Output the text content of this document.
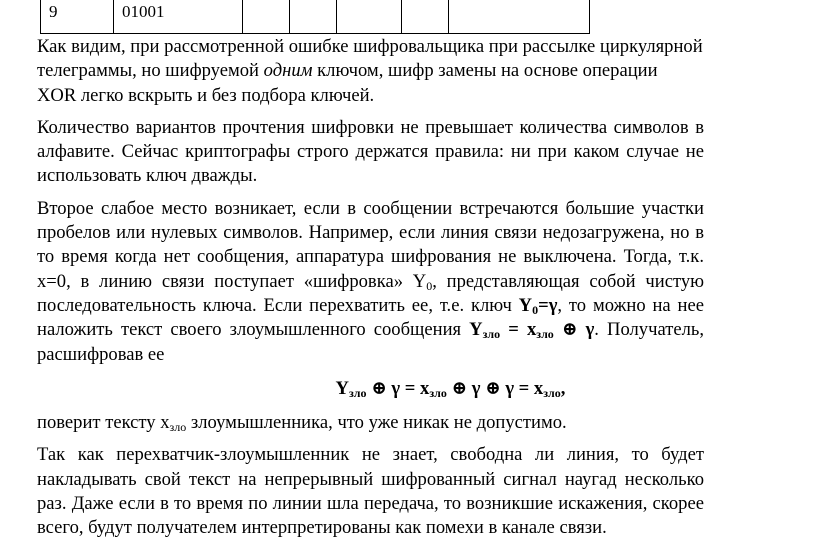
9	01001					

Как видим, при рассмотренной ошибке шифровальщика при рассылке циркулярной
телеграммы, но шифруемой одним ключом, шифр замены на основе операции
XOR легко вскрыть и без подбора ключей.

Количество вариантов прочтения шифровки не превышает количества символов в алфавите. Сейчас криптографы строго держатся правила: ни при каком случае не использовать ключ дважды.

Второе слабое место возникает, если в сообщении встречаются большие участки пробелов или нулевых символов. Например, если линия связи недозагружена, но в то время когда нет сообщения, аппаратура шифрования не выключена. Тогда, т.к. x=0, в линию связи поступает «шифровка» $Y_0$, представляющая собой чистую последовательность ключа. Если перехватить ее, т.е. ключ $Y_0=\gamma$, то можно на нее наложить текст своего злоумышленного сообщения $Y_{зло} = x_{зло}$ ⊕ γ. Получатель, расшифровав ее

$Y_{зло}$ ⊕ $\gamma = x_{зло}$ ⊕ γ ⊕ $\gamma = x_{зло}$,

поверит тексту $x_{зло}$ злоумышленника, что уже никак не допустимо.

Так как перехватчик-злоумышленник не знает, свободна ли линия, то будет накладывать свой текст на непрерывный шифрованный сигнал наугад несколько раз. Даже если в то время по линии шла передача, то возникшие искажения, скорее всего, будут получателем интерпретированы как помехи в канале связи.
